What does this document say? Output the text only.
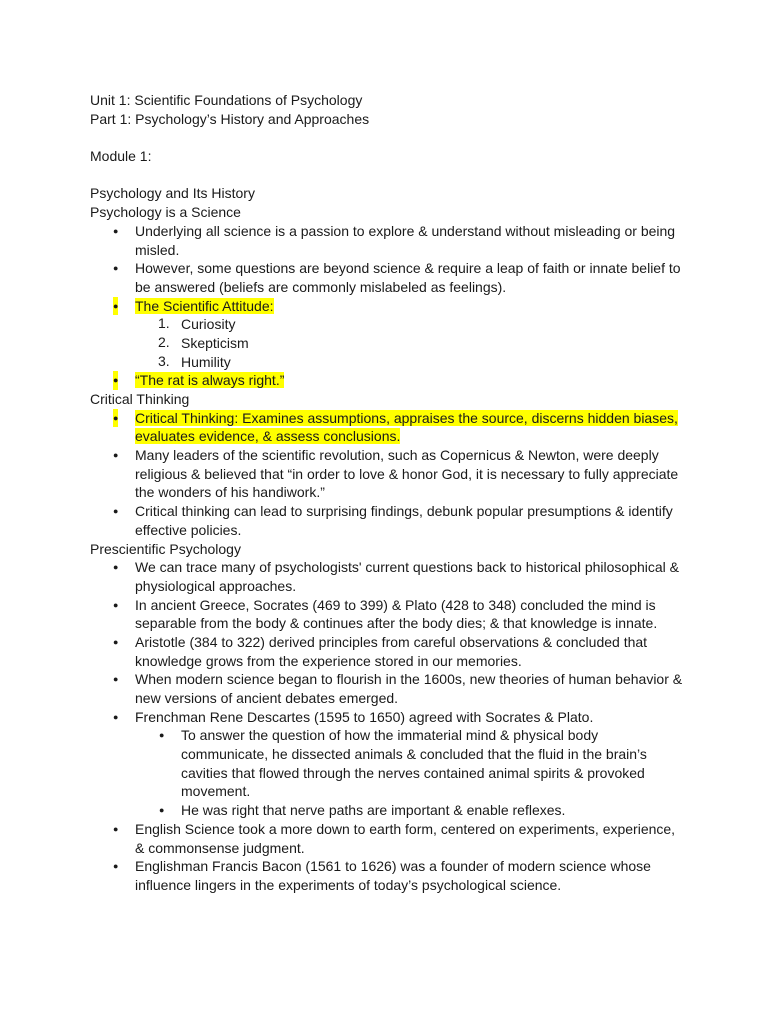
Unit 1: Scientific Foundations of Psychology
Part 1: Psychology’s History and Approaches
Module 1:
Psychology and Its History
Psychology is a Science
● Underlying all science is a passion to explore & understand without misleading or being
misled.
● However, some questions are beyond science & require a leap of faith or innate belief to
be answered (beliefs are commonly mislabeled as feelings).
● The Scientific Attitude:
1. Curiosity
2. Skepticism
3. Humility
● “The rat is always right.”
Critical Thinking
● Critical Thinking: Examines assumptions, appraises the source, discerns hidden biases,
evaluates evidence, & assess conclusions.
● Many leaders of the scientific revolution, such as Copernicus & Newton, were deeply
religious & believed that “in order to love & honor God, it is necessary to fully appreciate
the wonders of his handiwork.”
● Critical thinking can lead to surprising findings, debunk popular presumptions & identify
effective policies.
Prescientific Psychology
● We can trace many of psychologists' current questions back to historical philosophical &
physiological approaches.
● In ancient Greece, Socrates (469 to 399) & Plato (428 to 348) concluded the mind is
separable from the body & continues after the body dies; & that knowledge is innate.
● Aristotle (384 to 322) derived principles from careful observations & concluded that
knowledge grows from the experience stored in our memories.
● When modern science began to flourish in the 1600s, new theories of human behavior &
new versions of ancient debates emerged.
● Frenchman Rene Descartes (1595 to 1650) agreed with Socrates & Plato.
● To answer the question of how the immaterial mind & physical body
communicate, he dissected animals & concluded that the fluid in the brain’s
cavities that flowed through the nerves contained animal spirits & provoked
movement.
● He was right that nerve paths are important & enable reflexes.
● English Science took a more down to earth form, centered on experiments, experience,
& commonsense judgment.
● Englishman Francis Bacon (1561 to 1626) was a founder of modern science whose
influence lingers in the experiments of today’s psychological science.
